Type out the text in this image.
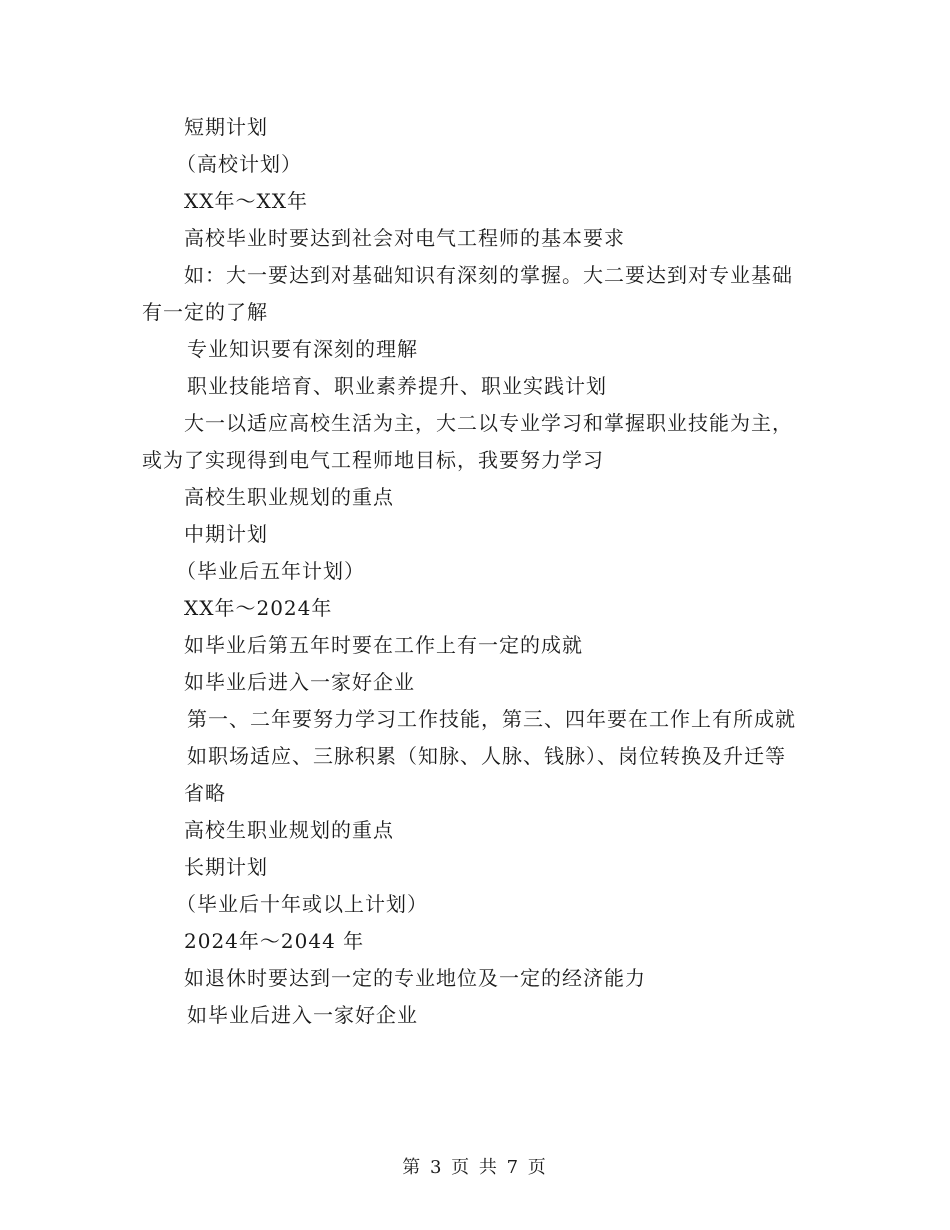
短期计划

（高校计划）

XX年～XX年

高校毕业时要达到社会对电气工程师的基本要求

如：大一要达到对基础知识有深刻的掌握。大二要达到对专业基础有一定的了解

专业知识要有深刻的理解

职业技能培育、职业素养提升、职业实践计划

大一以适应高校生活为主，大二以专业学习和掌握职业技能为主，或为了实现得到电气工程师地目标，我要努力学习

高校生职业规划的重点

中期计划

（毕业后五年计划）

XX年～2024年

如毕业后第五年时要在工作上有一定的成就

如毕业后进入一家好企业

第一、二年要努力学习工作技能，第三、四年要在工作上有所成就

如职场适应、三脉积累（知脉、人脉、钱脉）、岗位转换及升迁等

省略

高校生职业规划的重点

长期计划

（毕业后十年或以上计划）

2024年～2044 年

如退休时要达到一定的专业地位及一定的经济能力

如毕业后进入一家好企业

第 3 页 共 7 页
